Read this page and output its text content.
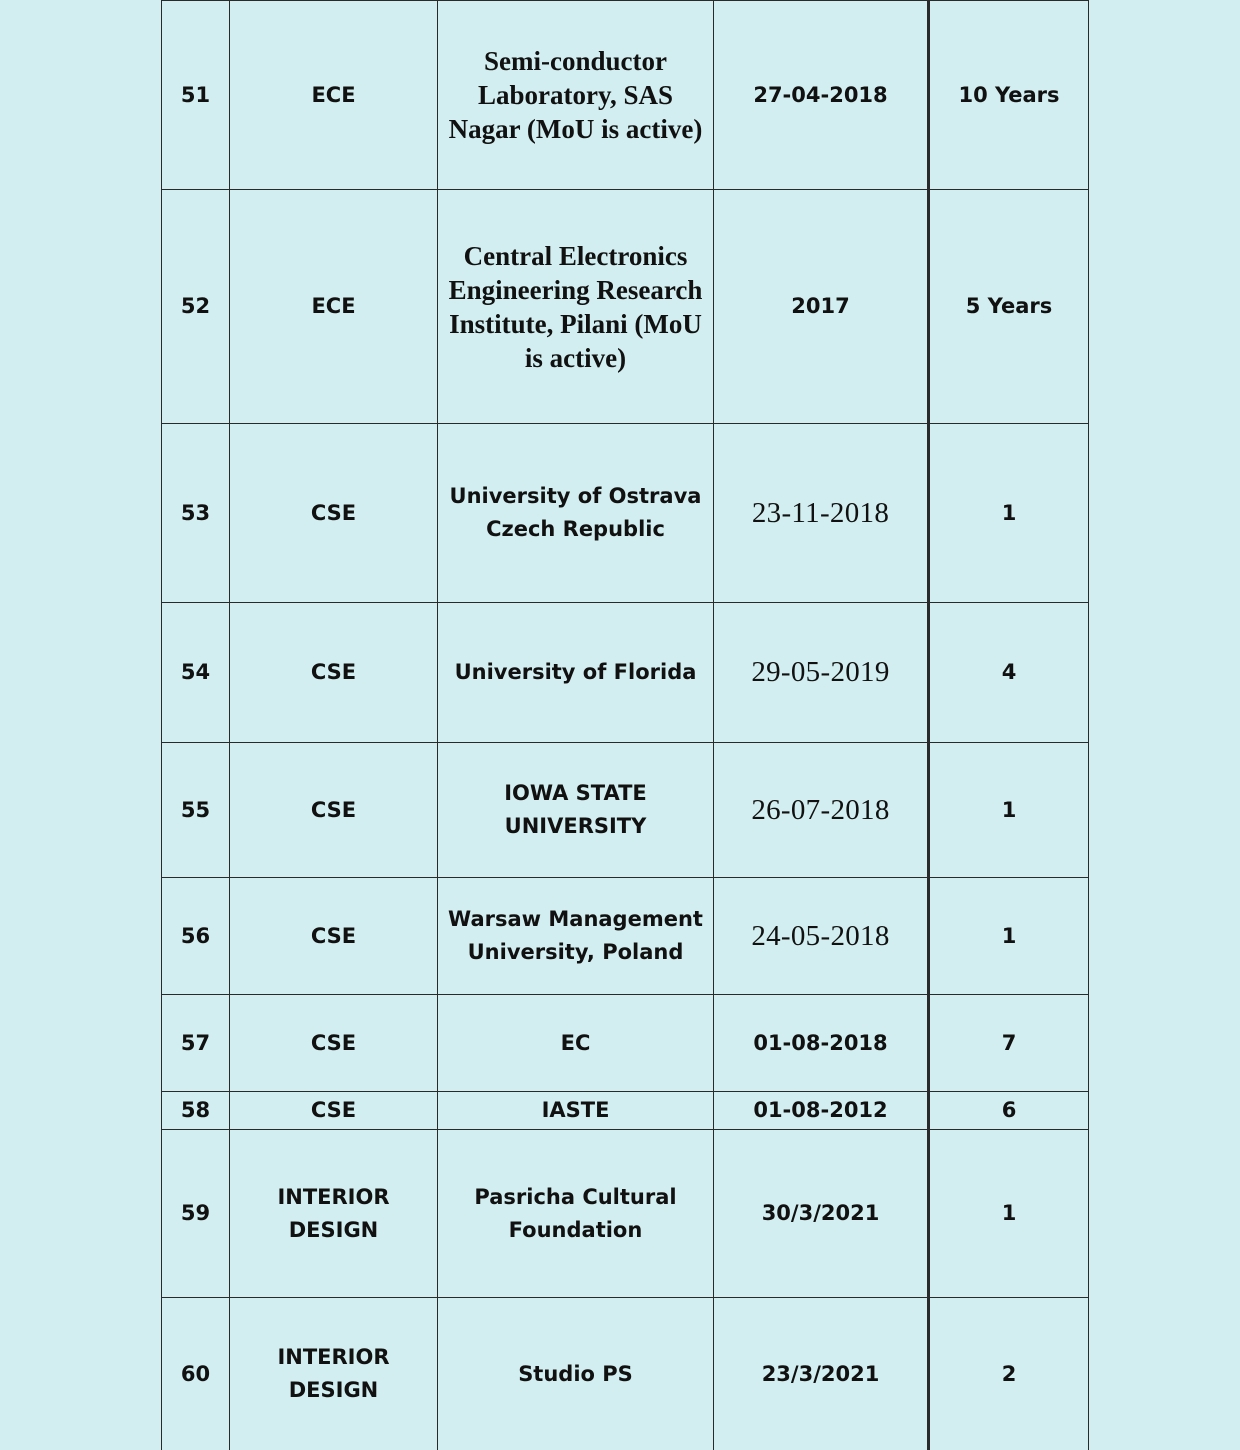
51	ECE	Semi-conductor Laboratory, SAS Nagar (MoU is active)	27-04-2018	10 Years
52	ECE	Central Electronics Engineering Research Institute, Pilani (MoU is active)	2017	5 Years
53	CSE	University of Ostrava Czech Republic	23-11-2018	1
54	CSE	University of Florida	29-05-2019	4
55	CSE	IOWA STATE UNIVERSITY	26-07-2018	1
56	CSE	Warsaw Management University, Poland	24-05-2018	1
57	CSE	EC	01-08-2018	7
58	CSE	IASTE	01-08-2012	6
59	INTERIOR DESIGN	Pasricha Cultural Foundation	30/3/2021	1
60	INTERIOR DESIGN	Studio PS	23/3/2021	2
